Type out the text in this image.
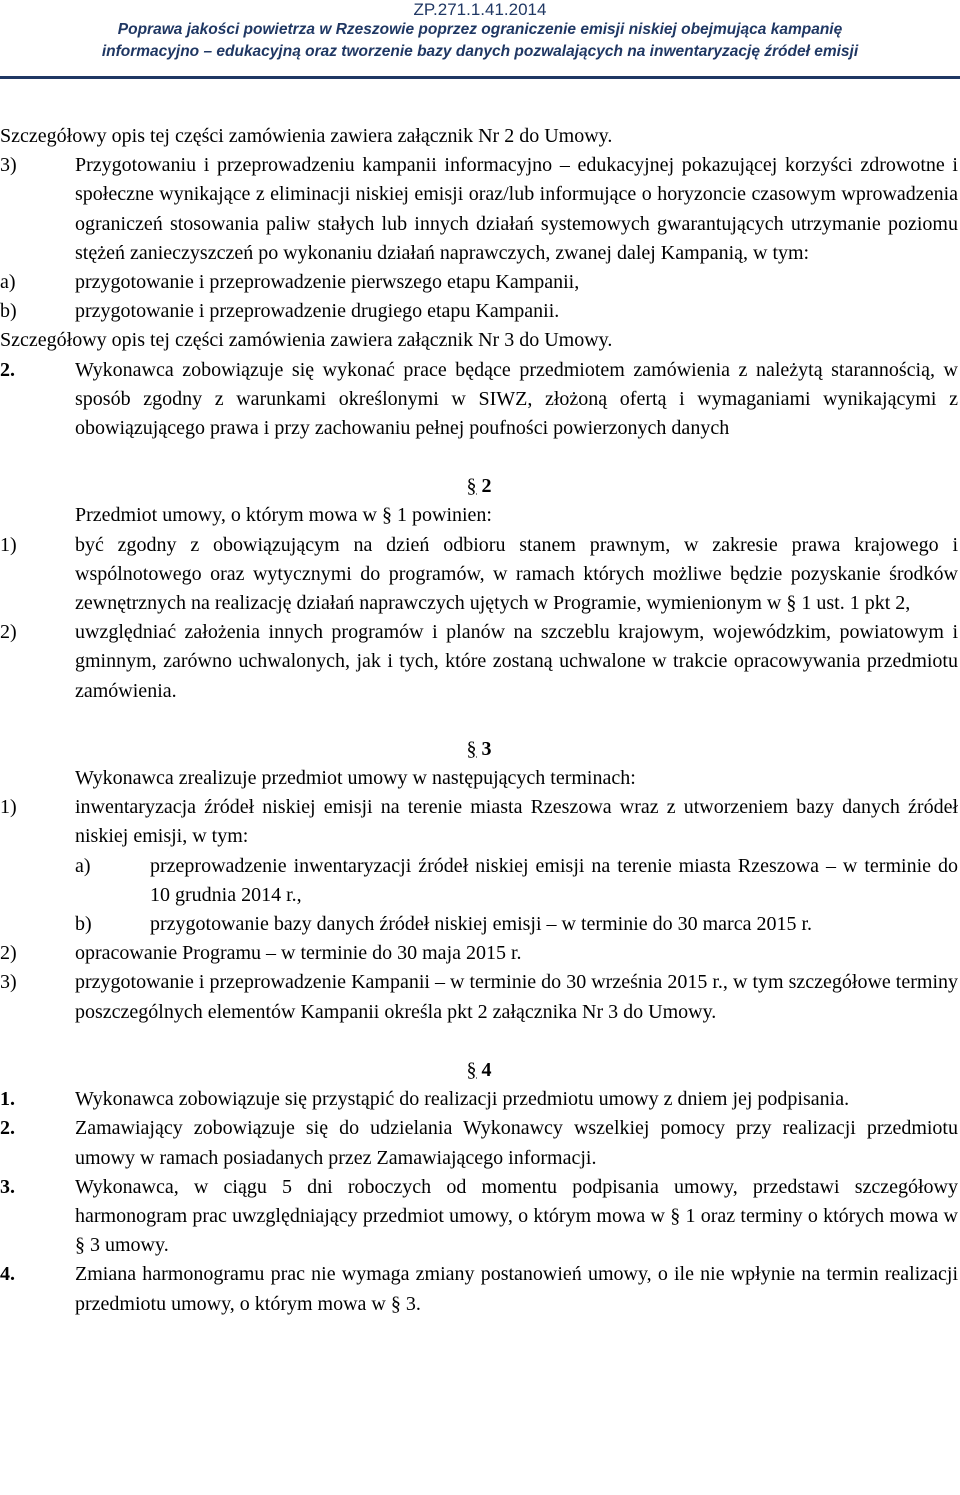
ZP.271.1.41.2014
Poprawa jakości powietrza w Rzeszowie poprzez ograniczenie emisji niskiej obejmująca kampanię
informacyjno – edukacyjną oraz tworzenie bazy danych pozwalających na inwentaryzację źródeł emisji

Szczegółowy opis tej części zamówienia zawiera załącznik Nr 2 do Umowy.

3)	Przygotowaniu i przeprowadzeniu kampanii informacyjno – edukacyjnej pokazującej korzyści zdrowotne i społeczne wynikające z eliminacji niskiej emisji oraz/lub informujące o horyzoncie czasowym wprowadzenia ograniczeń stosowania paliw stałych lub innych działań systemowych gwarantujących utrzymanie poziomu stężeń zanieczyszczeń po wykonaniu działań naprawczych, zwanej dalej Kampanią, w tym:
a)	przygotowanie i przeprowadzenie pierwszego etapu Kampanii,
b)	przygotowanie i przeprowadzenie drugiego etapu Kampanii.

Szczegółowy opis tej części zamówienia zawiera załącznik Nr 3 do Umowy.

2.	Wykonawca zobowiązuje się wykonać prace będące przedmiotem zamówienia z należytą starannością, w sposób zgodny z warunkami określonymi w SIWZ, złożoną ofertą i wymaganiami wynikającymi z obowiązującego prawa i przy zachowaniu pełnej poufności powierzonych danych

§ 2

Przedmiot umowy, o którym mowa w § 1 powinien:

1)	być zgodny z obowiązującym na dzień odbioru stanem prawnym, w zakresie prawa krajowego i wspólnotowego oraz wytycznymi do programów, w ramach których możliwe będzie pozyskanie środków zewnętrznych na realizację działań naprawczych ujętych w Programie, wymienionym w § 1 ust. 1 pkt 2,
2)	uwzględniać założenia innych programów i planów na szczeblu krajowym, wojewódzkim, powiatowym i gminnym, zarówno uchwalonych, jak i tych, które zostaną uchwalone w trakcie opracowywania przedmiotu zamówienia.

§ 3

Wykonawca zrealizuje przedmiot umowy w następujących terminach:

1)	inwentaryzacja źródeł niskiej emisji na terenie miasta Rzeszowa wraz z utworzeniem bazy danych źródeł niskiej emisji, w tym:
a)	przeprowadzenie inwentaryzacji źródeł niskiej emisji na terenie miasta Rzeszowa – w terminie do 10 grudnia 2014 r.,
b)	przygotowanie bazy danych źródeł niskiej emisji – w terminie do 30 marca 2015 r.
2)	opracowanie Programu – w terminie do 30 maja 2015 r.
3)	przygotowanie i przeprowadzenie Kampanii – w terminie do 30 września 2015 r., w tym szczegółowe terminy poszczególnych elementów Kampanii określa pkt 2 załącznika Nr 3 do Umowy.

§ 4

1.	Wykonawca zobowiązuje się przystąpić do realizacji przedmiotu umowy z dniem jej podpisania.
2.	Zamawiający zobowiązuje się do udzielania Wykonawcy wszelkiej pomocy przy realizacji przedmiotu umowy w ramach posiadanych przez Zamawiającego informacji.
3.	Wykonawca, w ciągu 5 dni roboczych od momentu podpisania umowy, przedstawi szczegółowy harmonogram prac uwzględniający przedmiot umowy, o którym mowa w § 1 oraz terminy o których mowa w § 3 umowy.
4.	Zmiana harmonogramu prac nie wymaga zmiany postanowień umowy, o ile nie wpłynie na termin realizacji przedmiotu umowy, o którym mowa w § 3.
